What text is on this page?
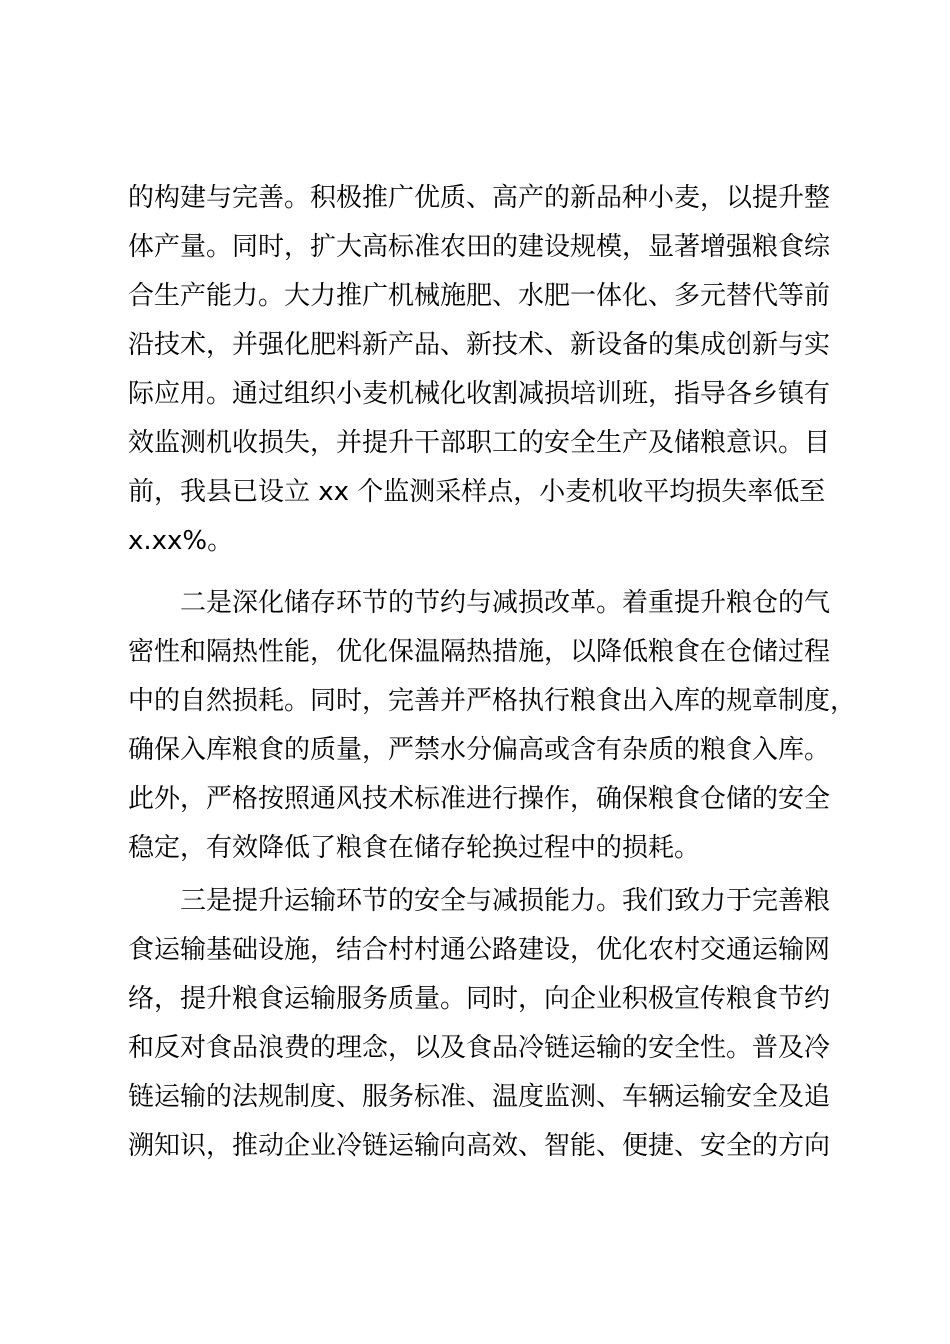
的构建与完善。积极推广优质、高产的新品种小麦，以提升整
体产量。同时，扩大高标准农田的建设规模，显著增强粮食综
合生产能力。大力推广机械施肥、水肥一体化、多元替代等前
沿技术，并强化肥料新产品、新技术、新设备的集成创新与实
际应用。通过组织小麦机械化收割减损培训班，指导各乡镇有
效监测机收损失，并提升干部职工的安全生产及储粮意识。目
前，我县已设立 xx 个监测采样点，小麦机收平均损失率低至
x.xx%。
二是深化储存环节的节约与减损改革。着重提升粮仓的气
密性和隔热性能，优化保温隔热措施，以降低粮食在仓储过程
中的自然损耗。同时，完善并严格执行粮食出入库的规章制度，
确保入库粮食的质量，严禁水分偏高或含有杂质的粮食入库。
此外，严格按照通风技术标准进行操作，确保粮食仓储的安全
稳定，有效降低了粮食在储存轮换过程中的损耗。
三是提升运输环节的安全与减损能力。我们致力于完善粮
食运输基础设施，结合村村通公路建设，优化农村交通运输网
络，提升粮食运输服务质量。同时，向企业积极宣传粮食节约
和反对食品浪费的理念，以及食品冷链运输的安全性。普及冷
链运输的法规制度、服务标准、温度监测、车辆运输安全及追
溯知识，推动企业冷链运输向高效、智能、便捷、安全的方向
